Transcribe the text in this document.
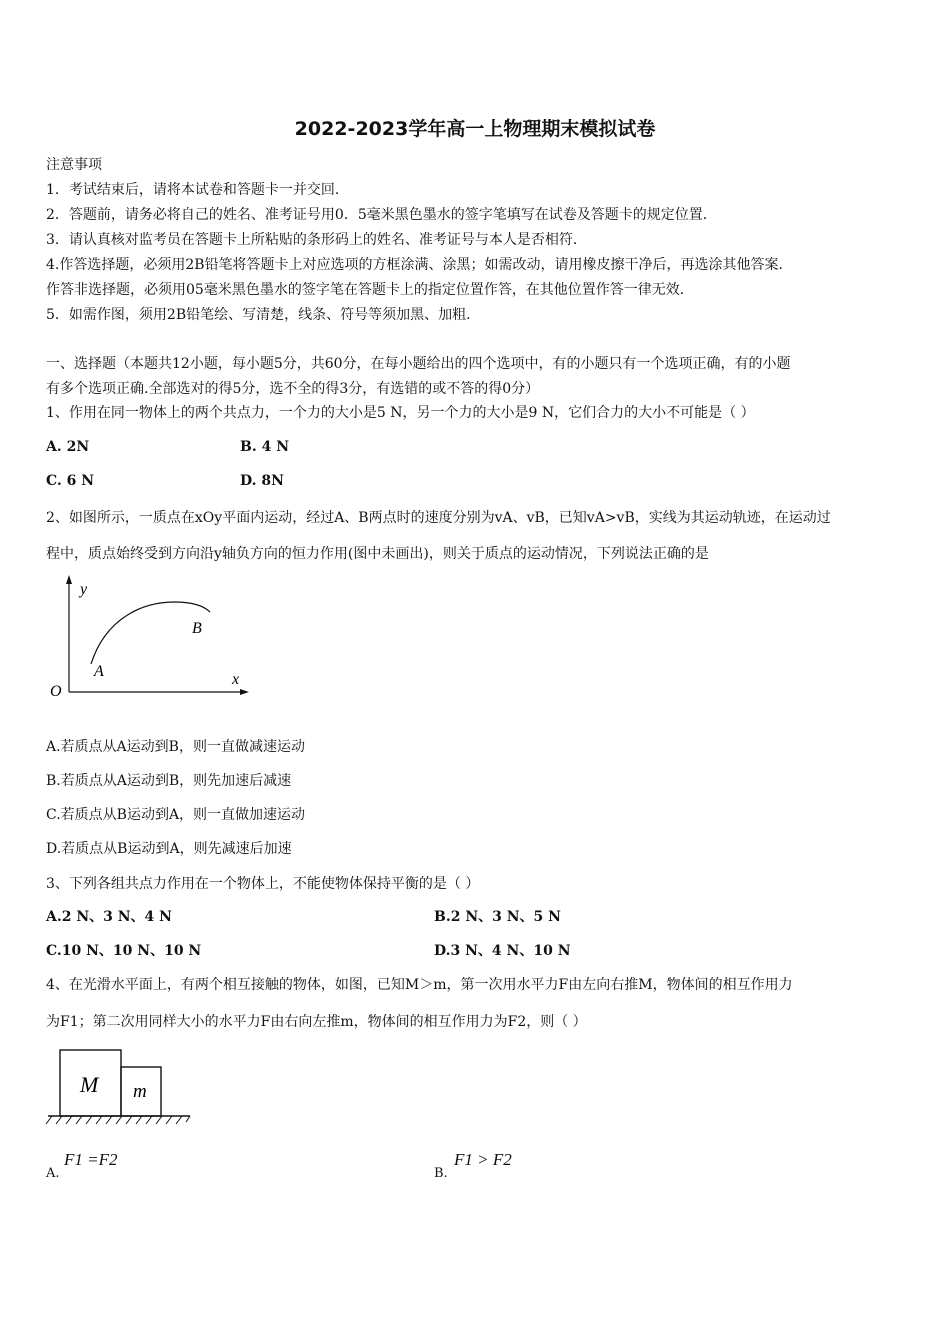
2022-2023学年高一上物理期末模拟试卷
注意事项
1．考试结束后，请将本试卷和答题卡一并交回．
2．答题前，请务必将自己的姓名、准考证号用0．5毫米黑色墨水的签字笔填写在试卷及答题卡的规定位置．
3．请认真核对监考员在答题卡上所粘贴的条形码上的姓名、准考证号与本人是否相符．
4.作答选择题，必须用2B铅笔将答题卡上对应选项的方框涂满、涂黑；如需改动，请用橡皮擦干净后，再选涂其他答案．
作答非选择题，必须用05毫米黑色墨水的签字笔在答题卡上的指定位置作答，在其他位置作答一律无效．
5．如需作图，须用2B铅笔绘、写清楚，线条、符号等须加黑、加粗．
一、选择题（本题共12小题，每小题5分，共60分，在每小题给出的四个选项中，有的小题只有一个选项正确，有的小题
有多个选项正确.全部选对的得5分，选不全的得3分，有选错的或不答的得0分）
1、作用在同一物体上的两个共点力，一个力的大小是5 N，另一个力的大小是9 N，它们合力的大小不可能是（ ）
A. 2N	B. 4 N
C. 6 N	D. 8N
2、如图所示，一质点在xOy平面内运动，经过A、B两点时的速度分别为vA、vB，已知vA>vB，实线为其运动轨迹，在运动过
程中，质点始终受到方向沿y轴负方向的恒力作用(图中未画出)，则关于质点的运动情况，下列说法正确的是
y
x
O
A
B
A.若质点从A运动到B，则一直做减速运动
B.若质点从A运动到B，则先加速后减速
C.若质点从B运动到A，则一直做加速运动
D.若质点从B运动到A，则先减速后加速
3、下列各组共点力作用在一个物体上，不能使物体保持平衡的是（ ）
A.2 N、3 N、4 N	B.2 N、3 N、5 N
C.10 N、10 N、10 N	D.3 N、4 N、10 N
4、在光滑水平面上，有两个相互接触的物体，如图，已知M＞m，第一次用水平力F由左向右推M，物体间的相互作用力
为F1；第二次用同样大小的水平力F由右向左推m，物体间的相互作用力为F2，则（ ）
M m
A.
F1 =F2
B.
F1 > F2
